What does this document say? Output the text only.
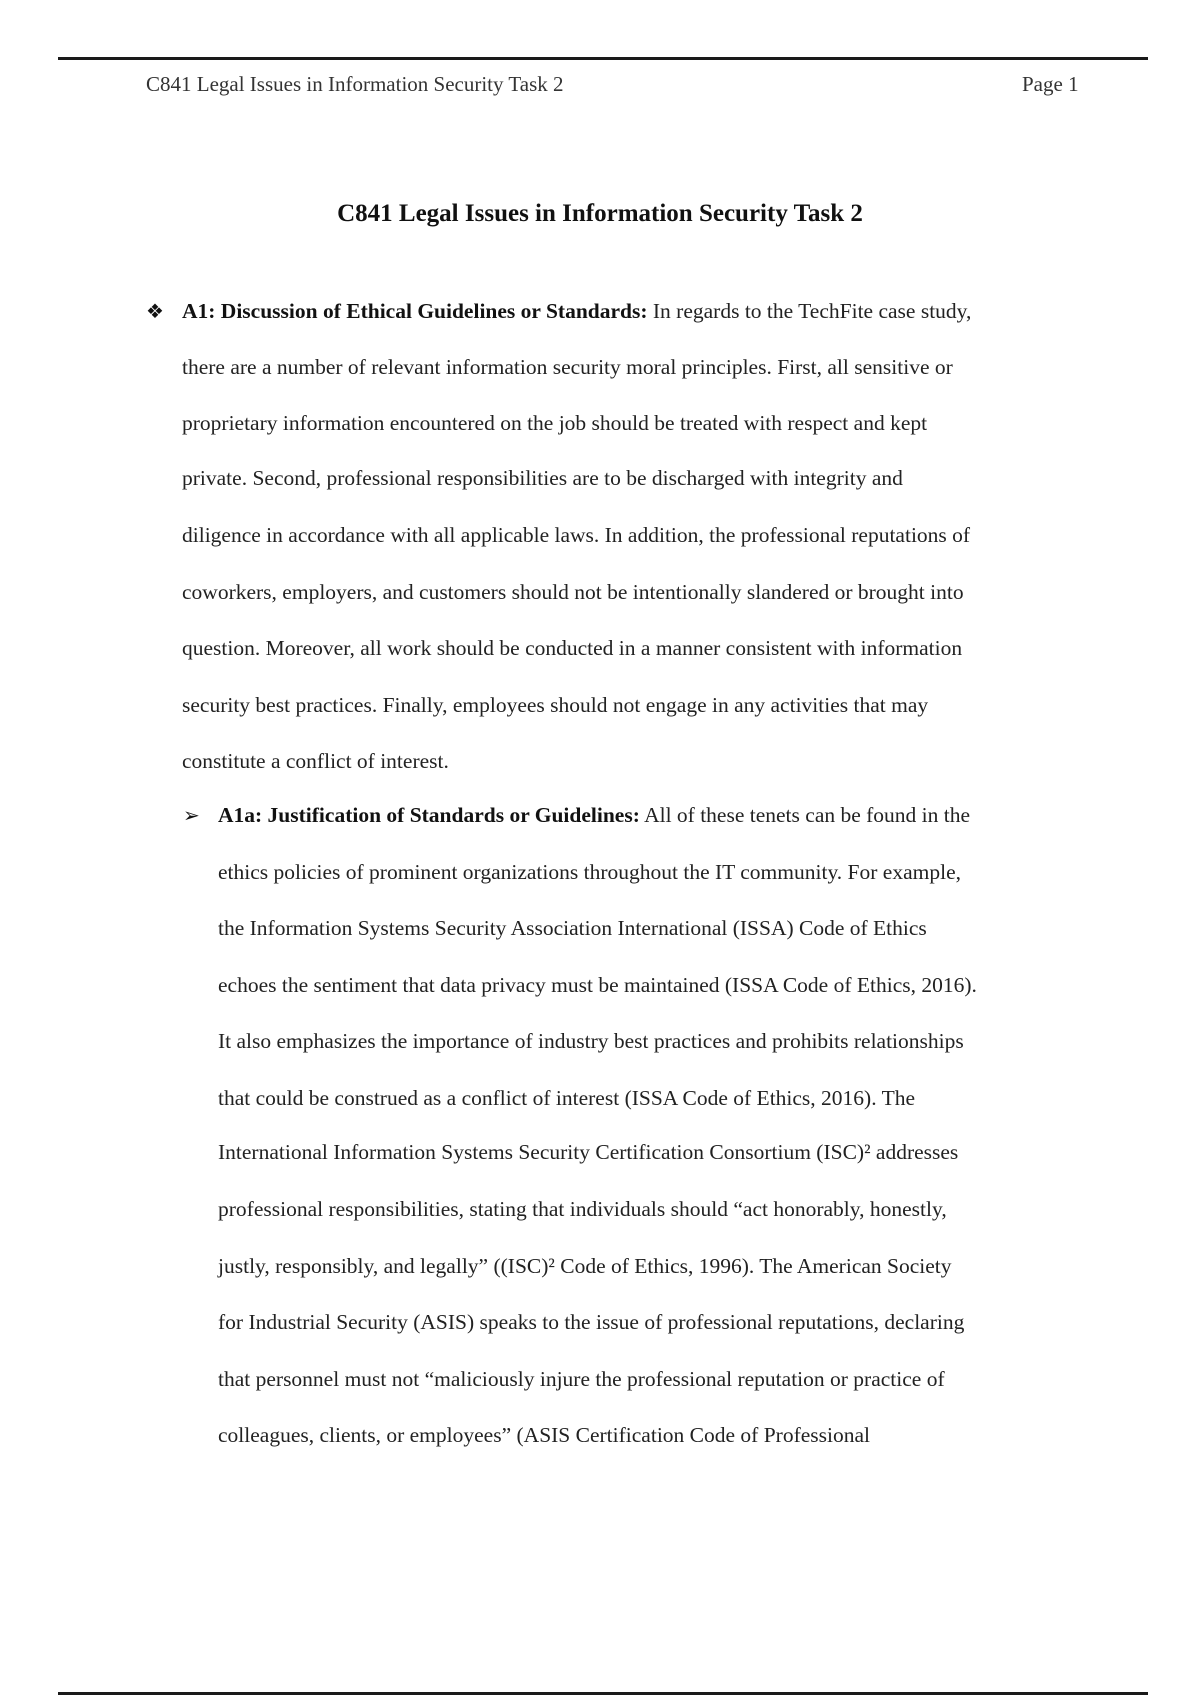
C841 Legal Issues in Information Security Task 2	Page 1
C841 Legal Issues in Information Security Task 2
❖ A1: Discussion of Ethical Guidelines or Standards: In regards to the TechFite case study,
there are a number of relevant information security moral principles. First, all sensitive or
proprietary information encountered on the job should be treated with respect and kept
private. Second, professional responsibilities are to be discharged with integrity and
diligence in accordance with all applicable laws. In addition, the professional reputations of
coworkers, employers, and customers should not be intentionally slandered or brought into
question. Moreover, all work should be conducted in a manner consistent with information
security best practices. Finally, employees should not engage in any activities that may
constitute a conflict of interest.
➢ A1a: Justification of Standards or Guidelines: All of these tenets can be found in the
ethics policies of prominent organizations throughout the IT community. For example,
the Information Systems Security Association International (ISSA) Code of Ethics
echoes the sentiment that data privacy must be maintained (ISSA Code of Ethics, 2016).
It also emphasizes the importance of industry best practices and prohibits relationships
that could be construed as a conflict of interest (ISSA Code of Ethics, 2016). The
International Information Systems Security Certification Consortium (ISC)² addresses
professional responsibilities, stating that individuals should “act honorably, honestly,
justly, responsibly, and legally” ((ISC)² Code of Ethics, 1996). The American Society
for Industrial Security (ASIS) speaks to the issue of professional reputations, declaring
that personnel must not “maliciously injure the professional reputation or practice of
colleagues, clients, or employees” (ASIS Certification Code of Professional
